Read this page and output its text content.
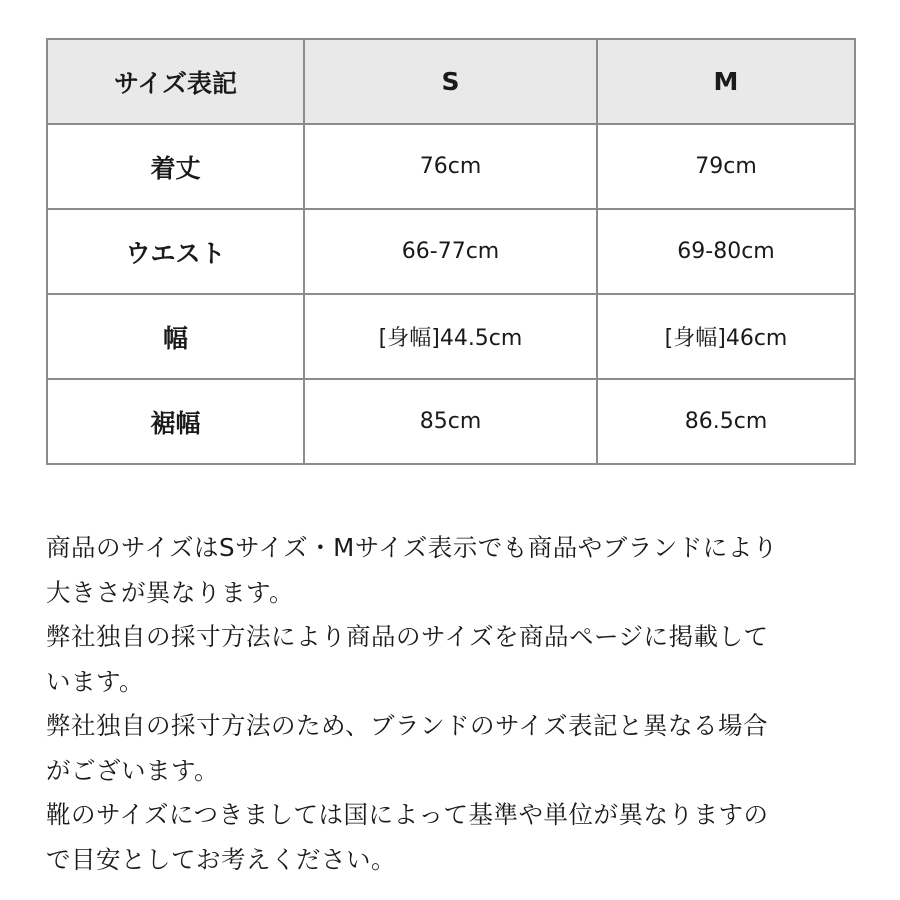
サイズ表記	S	M
着丈	76cm	79cm
ウエスト	66-77cm	69-80cm
幅	[身幅]44.5cm	[身幅]46cm
裾幅	85cm	86.5cm

商品のサイズはSサイズ・Mサイズ表示でも商品やブランドにより

大きさが異なります。

弊社独自の採寸方法により商品のサイズを商品ページに掲載して

います。

弊社独自の採寸方法のため、ブランドのサイズ表記と異なる場合

がございます。

靴のサイズにつきましては国によって基準や単位が異なりますの

で目安としてお考えください。
